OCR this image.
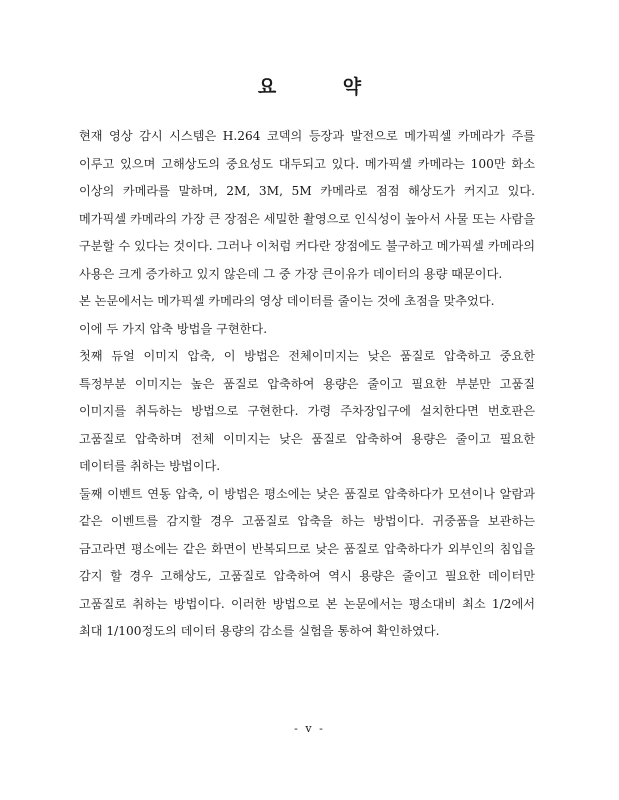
요 약

현재 영상 감시 시스템은 H.264 코덱의 등장과 발전으로 메가픽셀 카메라가 주를 이루고 있으며 고해상도의 중요성도 대두되고 있다. 메가픽셀 카메라는 100만 화소 이상의 카메라를 말하며, 2M, 3M, 5M 카메라로 점점 해상도가 커지고 있다. 메가픽셀 카메라의 가장 큰 장점은 세밀한 촬영으로 인식성이 높아서 사물 또는 사람을 구분할 수 있다는 것이다. 그러나 이처럼 커다란 장점에도 불구하고 메가픽셀 카메라의 사용은 크게 증가하고 있지 않은데 그 중 가장 큰이유가 데이터의 용량 때문이다.

본 논문에서는 메가픽셀 카메라의 영상 데이터를 줄이는 것에 초점을 맞추었다.

이에 두 가지 압축 방법을 구현한다.

첫째 듀얼 이미지 압축, 이 방법은 전체이미지는 낮은 품질로 압축하고 중요한 특정부분 이미지는 높은 품질로 압축하여 용량은 줄이고 필요한 부분만 고품질 이미지를 취득하는 방법으로 구현한다. 가령 주차장입구에 설치한다면 번호판은 고품질로 압축하며 전체 이미지는 낮은 품질로 압축하여 용량은 줄이고 필요한 데이터를 취하는 방법이다.

둘째 이벤트 연동 압축, 이 방법은 평소에는 낮은 품질로 압축하다가 모션이나 알람과 같은 이벤트를 감지할 경우 고품질로 압축을 하는 방법이다. 귀중품을 보관하는 금고라면 평소에는 같은 화면이 반복되므로 낮은 품질로 압축하다가 외부인의 침입을 감지 할 경우 고해상도, 고품질로 압축하여 역시 용량은 줄이고 필요한 데이터만 고품질로 취하는 방법이다. 이러한 방법으로 본 논문에서는 평소대비 최소 1/2에서 최대 1/100정도의 데이터 용량의 감소를 실험을 통하여 확인하였다.

- v -
